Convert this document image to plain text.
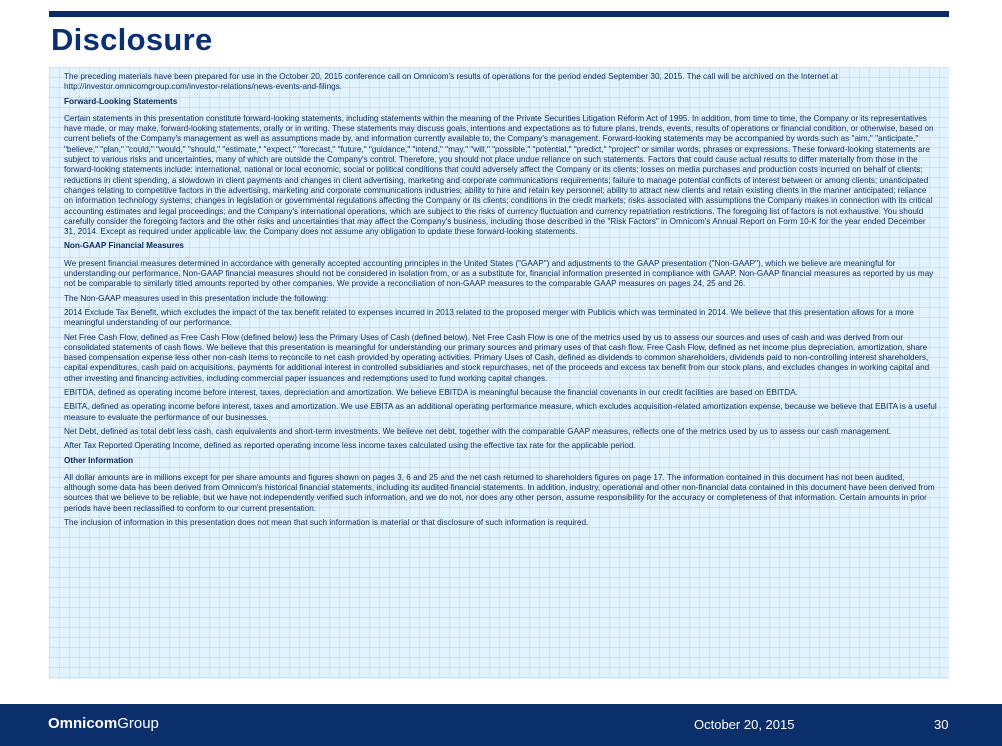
Disclosure

The preceding materials have been prepared for use in the October 20, 2015 conference call on Omnicom's results of operations for the period ended September 30, 2015. The call will be archived on the Internet at http://investor.omnicomgroup.com/investor-relations/news-events-and-filings.

Forward-Looking Statements

Certain statements in this presentation constitute forward-looking statements, including statements within the meaning of the Private Securities Litigation Reform Act of 1995. In addition, from time to time, the Company or its representatives have made, or may make, forward-looking statements, orally or in writing. These statements may discuss goals, intentions and expectations as to future plans, trends, events, results of operations or financial condition, or otherwise, based on current beliefs of the Company's management as well as assumptions made by, and information currently available to, the Company's management. Forward-looking statements may be accompanied by words such as "aim," "anticipate," "believe," "plan," "could," "would," "should," "estimate," "expect," "forecast," "future," "guidance," "intend," "may," "will," "possible," "potential," "predict," "project" or similar words, phrases or expressions. These forward-looking statements are subject to various risks and uncertainties, many of which are outside the Company's control. Therefore, you should not place undue reliance on such statements. Factors that could cause actual results to differ materially from those in the forward-looking statements include: international, national or local economic, social or political conditions that could adversely affect the Company or its clients; losses on media purchases and production costs incurred on behalf of clients; reductions in client spending, a slowdown in client payments and changes in client advertising, marketing and corporate communications requirements; failure to manage potential conflicts of interest between or among clients; unanticipated changes relating to competitive factors in the advertising, marketing and corporate communications industries; ability to hire and retain key personnel; ability to attract new clients and retain existing clients in the manner anticipated; reliance on information technology systems; changes in legislation or governmental regulations affecting the Company or its clients; conditions in the credit markets; risks associated with assumptions the Company makes in connection with its critical accounting estimates and legal proceedings; and the Company's international operations, which are subject to the risks of currency fluctuation and currency repatriation restrictions. The foregoing list of factors is not exhaustive. You should carefully consider the foregoing factors and the other risks and uncertainties that may affect the Company's business, including those described in the "Risk Factors" in Omnicom's Annual Report on Form 10-K for the year ended December 31, 2014. Except as required under applicable law, the Company does not assume any obligation to update these forward-looking statements.

Non-GAAP Financial Measures

We present financial measures determined in accordance with generally accepted accounting principles in the United States ("GAAP") and adjustments to the GAAP presentation ("Non-GAAP"), which we believe are meaningful for understanding our performance. Non-GAAP financial measures should not be considered in isolation from, or as a substitute for, financial information presented in compliance with GAAP. Non-GAAP financial measures as reported by us may not be comparable to similarly titled amounts reported by other companies. We provide a reconciliation of non-GAAP measures to the comparable GAAP measures on pages 24, 25 and 26.

The Non-GAAP measures used in this presentation include the following:

2014 Exclude Tax Benefit, which excludes the impact of the tax benefit related to expenses incurred in 2013 related to the proposed merger with Publicis which was terminated in 2014. We believe that this presentation allows for a more meaningful understanding of our performance.

Net Free Cash Flow, defined as Free Cash Flow (defined below) less the Primary Uses of Cash (defined below). Net Free Cash Flow is one of the metrics used by us to assess our sources and uses of cash and was derived from our consolidated statements of cash flows. We believe that this presentation is meaningful for understanding our primary sources and primary uses of that cash flow. Free Cash Flow, defined as net income plus depreciation, amortization, share based compensation expense less other non-cash items to reconcile to net cash provided by operating activities. Primary Uses of Cash, defined as dividends to common shareholders, dividends paid to non-controlling interest shareholders, capital expenditures, cash paid on acquisitions, payments for additional interest in controlled subsidiaries and stock repurchases, net of the proceeds and excess tax benefit from our stock plans, and excludes changes in working capital and other investing and financing activities, including commercial paper issuances and redemptions used to fund working capital changes.

EBITDA, defined as operating income before interest, taxes, depreciation and amortization. We believe EBITDA is meaningful because the financial covenants in our credit facilities are based on EBITDA.

EBITA, defined as operating income before interest, taxes and amortization. We use EBITA as an additional operating performance measure, which excludes acquisition-related amortization expense, because we believe that EBITA is a useful measure to evaluate the performance of our businesses.

Net Debt, defined as total debt less cash, cash equivalents and short-term investments. We believe net debt, together with the comparable GAAP measures, reflects one of the metrics used by us to assess our cash management.

After Tax Reported Operating Income, defined as reported operating income less income taxes calculated using the effective tax rate for the applicable period.

Other Information

All dollar amounts are in millions except for per share amounts and figures shown on pages 3, 6 and 25 and the net cash returned to shareholders figures on page 17. The information contained in this document has not been audited, although some data has been derived from Omnicom's historical financial statements, including its audited financial statements. In addition, industry, operational and other non-financial data contained in this document have been derived from sources that we believe to be reliable, but we have not independently verified such information, and we do not, nor does any other person, assume responsibility for the accuracy or completeness of that information. Certain amounts in prior periods have been reclassified to conform to our current presentation.

The inclusion of information in this presentation does not mean that such information is material or that disclosure of such information is required.

OmnicomGroup	October 20, 2015	30
